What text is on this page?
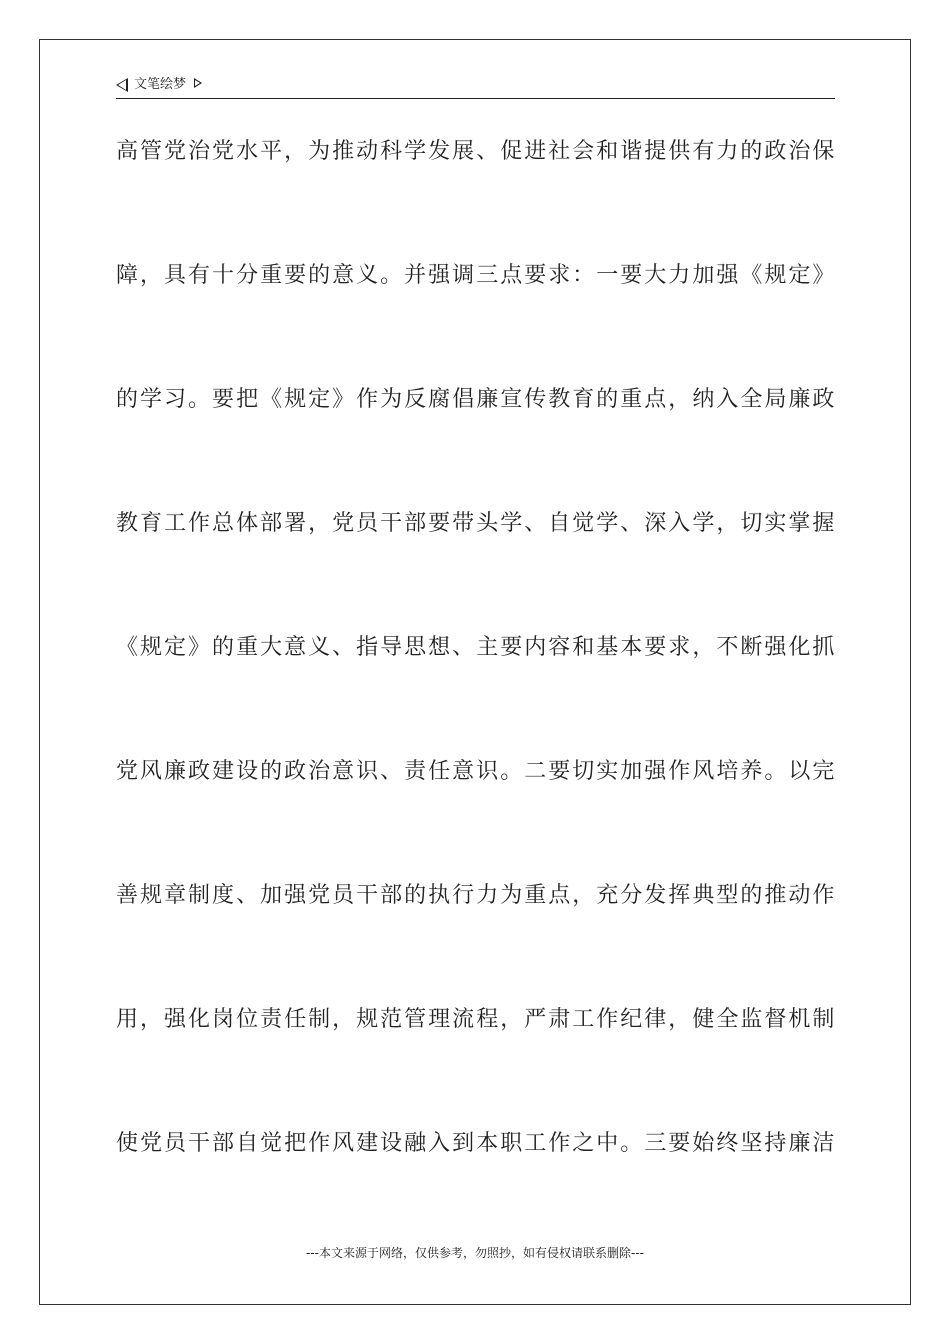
文笔绘梦
高管党治党水平，为推动科学发展、促进社会和谐提供有力的政治保
障，具有十分重要的意义。并强调三点要求：一要大力加强《规定》
的学习。要把《规定》作为反腐倡廉宣传教育的重点，纳入全局廉政
教育工作总体部署，党员干部要带头学、自觉学、深入学，切实掌握
《规定》的重大意义、指导思想、主要内容和基本要求，不断强化抓
党风廉政建设的政治意识、责任意识。二要切实加强作风培养。以完
善规章制度、加强党员干部的执行力为重点，充分发挥典型的推动作
用，强化岗位责任制，规范管理流程，严肃工作纪律，健全监督机制
使党员干部自觉把作风建设融入到本职工作之中。三要始终坚持廉洁
---本文来源于网络，仅供参考，勿照抄，如有侵权请联系删除---
